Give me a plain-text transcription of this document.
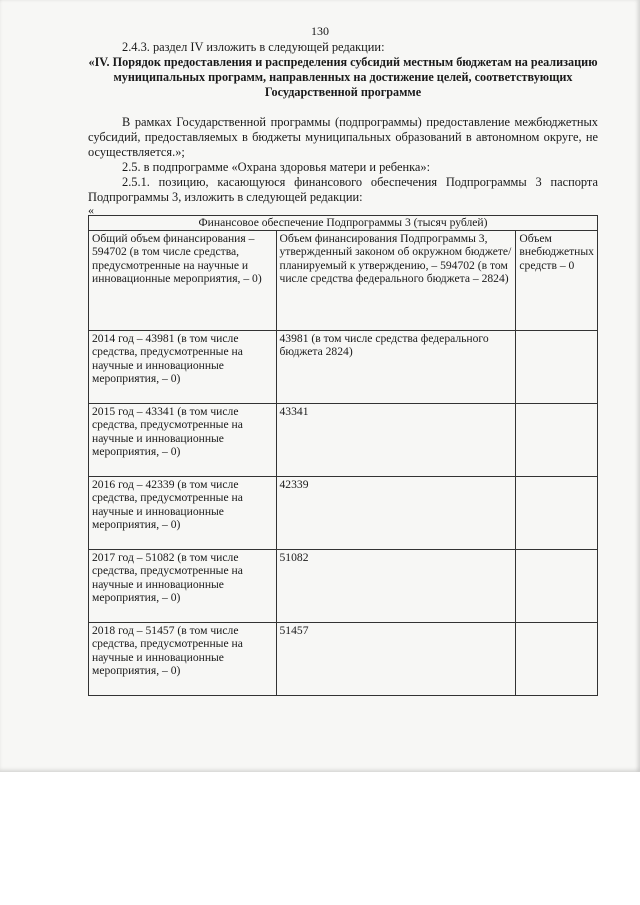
130

2.4.3. раздел IV изложить в следующей редакции:

«IV. Порядок предоставления и распределения субсидий местным бюджетам на реализацию муниципальных программ, направленных на достижение целей, соответствующих Государственной программе

В рамках Государственной программы (подпрограммы) предоставление межбюджетных субсидий, предоставляемых в бюджеты муниципальных образований в автономном округе, не осуществляется.»;

2.5. в подпрограмме «Охрана здоровья матери и ребенка»:

2.5.1. позицию, касающуюся финансового обеспечения Подпрограммы 3 паспорта Подпрограммы 3, изложить в следующей редакции:

«

Финансовое обеспечение Подпрограммы 3 (тысяч рублей)		
Общий объем финансирования – 594702 (в том числе средства, предусмотренные на научные и инновационные мероприятия, – 0)	Объем финансирования Подпрограммы 3, утвержденный законом об окружном бюджете/планируемый к утверждению, – 594702 (в том числе средства федерального бюджета – 2824)	Объем внебюджетных средств – 0
2014 год – 43981 (в том числе средства, предусмотренные на научные и инновационные мероприятия, – 0)	43981 (в том числе средства федерального бюджета 2824)	
2015 год – 43341 (в том числе средства, предусмотренные на научные и инновационные мероприятия, – 0)	43341	
2016 год – 42339 (в том числе средства, предусмотренные на научные и инновационные мероприятия, – 0)	42339	
2017 год – 51082 (в том числе средства, предусмотренные на научные и инновационные мероприятия, – 0)	51082	
2018 год – 51457 (в том числе средства, предусмотренные на научные и инновационные мероприятия, – 0)	51457	
